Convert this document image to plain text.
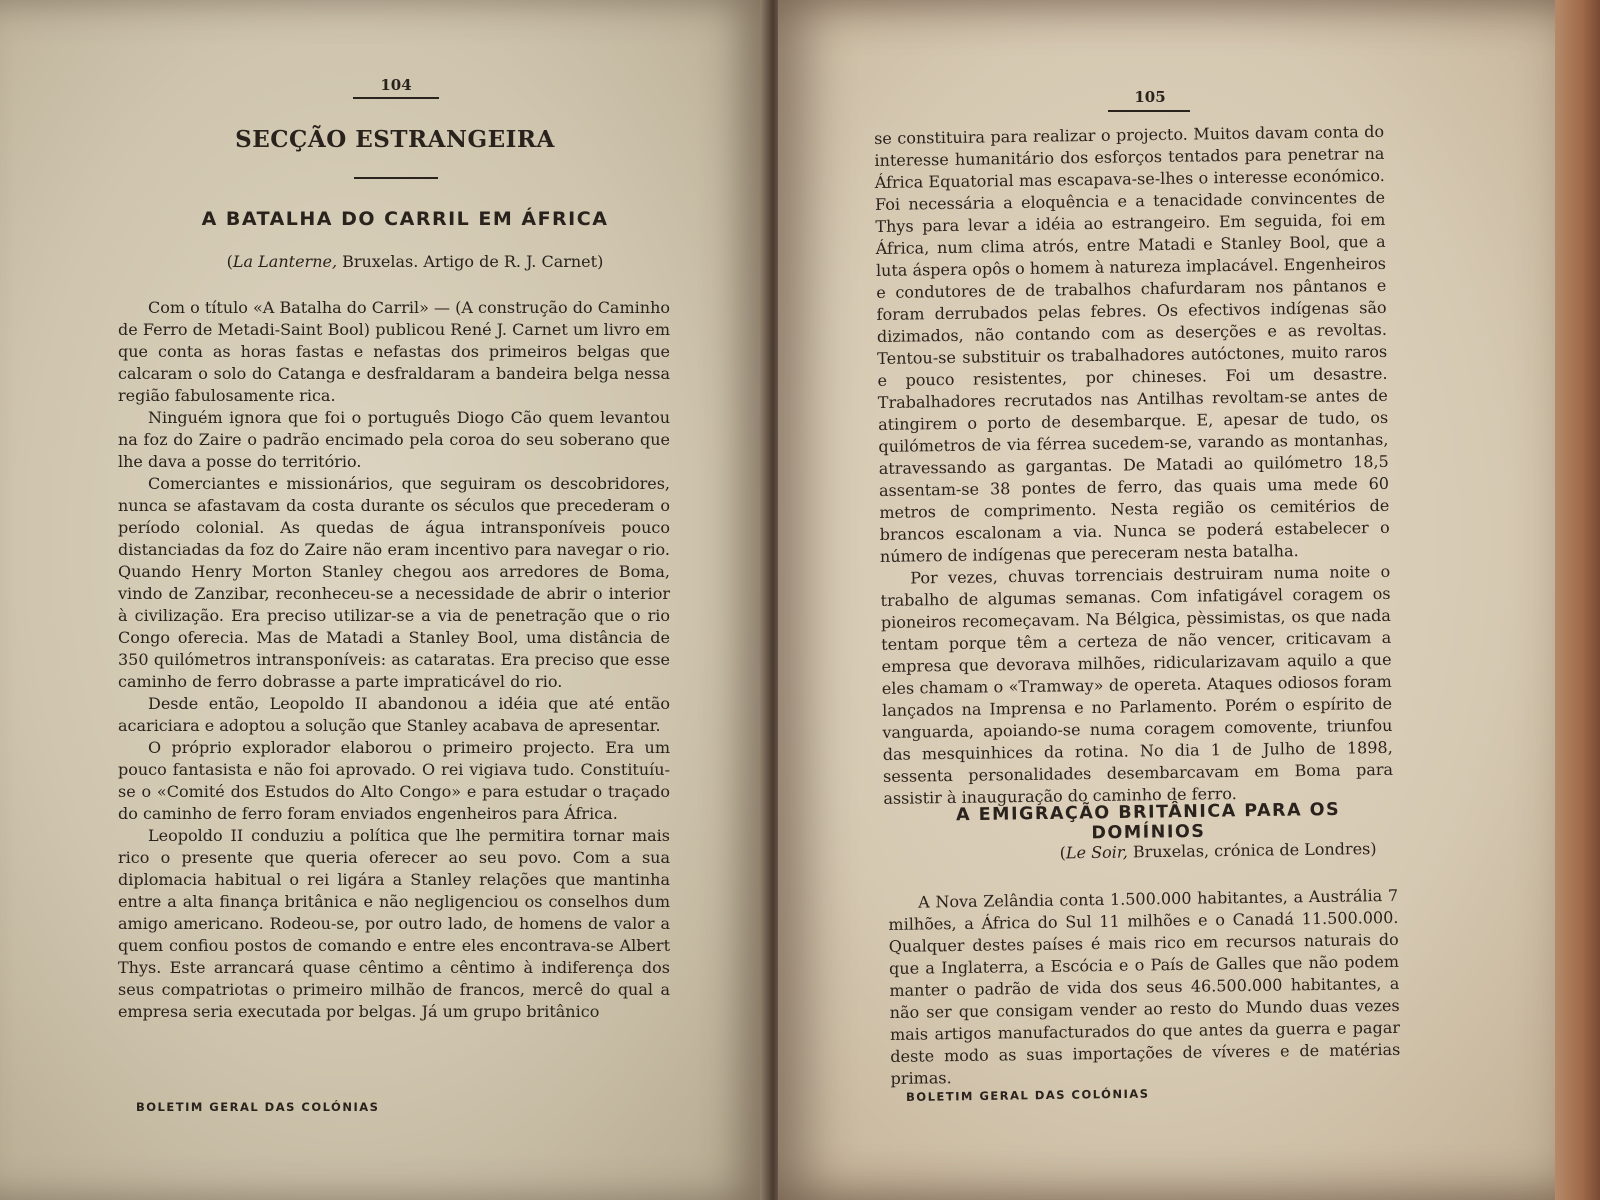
104
SECÇÃO ESTRANGEIRA
A BATALHA DO CARRIL EM ÁFRICA
(La Lanterne, Bruxelas. Artigo de R. J. Carnet)

Com o título «A Batalha do Carril» — (A construção do Caminho de Ferro de Metadi-Saint Bool) publicou René J. Carnet um livro em que conta as horas fastas e nefastas dos primeiros belgas que calcaram o solo do Catanga e desfraldaram a bandeira belga nessa região fabulosamente rica.

Ninguém ignora que foi o português Diogo Cão quem levantou na foz do Zaire o padrão encimado pela coroa do seu soberano que lhe dava a posse do território.

Comerciantes e missionários, que seguiram os descobridores, nunca se afastavam da costa durante os séculos que precederam o período colonial. As quedas de água intransponíveis pouco distanciadas da foz do Zaire não eram incentivo para navegar o rio. Quando Henry Morton Stanley chegou aos arredores de Boma, vindo de Zanzibar, reconheceu-se a necessidade de abrir o interior à civilização. Era preciso utilizar-se a via de penetração que o rio Congo oferecia. Mas de Matadi a Stanley Bool, uma distância de 350 quilómetros intransponíveis: as cataratas. Era preciso que esse caminho de ferro dobrasse a parte impraticável do rio.

Desde então, Leopoldo II abandonou a idéia que até então acariciara e adoptou a solução que Stanley acabava de apresentar.

O próprio explorador elaborou o primeiro projecto. Era um pouco fantasista e não foi aprovado. O rei vigiava tudo. Constituíu-se o «Comité dos Estudos do Alto Congo» e para estudar o traçado do caminho de ferro foram enviados engenheiros para África.

Leopoldo II conduziu a política que lhe permitira tornar mais rico o presente que queria oferecer ao seu povo. Com a sua diplomacia habitual o rei ligára a Stanley relações que mantinha entre a alta finança britânica e não negligenciou os conselhos dum amigo americano. Rodeou-se, por outro lado, de homens de valor a quem confiou postos de comando e entre eles encontrava-se Albert Thys. Este arrancará quase cêntimo a cêntimo à indiferença dos seus compatriotas o primeiro milhão de francos, mercê do qual a empresa seria executada por belgas. Já um grupo britânico

BOLETIM GERAL DAS COLÓNIAS
105

se constituira para realizar o projecto. Muitos davam conta do interesse humanitário dos esforços tentados para penetrar na África Equatorial mas escapava-se-lhes o interesse económico. Foi necessária a eloquência e a tenacidade convincentes de Thys para levar a idéia ao estrangeiro. Em seguida, foi em África, num clima atrós, entre Matadi e Stanley Bool, que a luta áspera opôs o homem à natureza implacável. Engenheiros e condutores de de trabalhos chafurdaram nos pântanos e foram derrubados pelas febres. Os efectivos indígenas são dizimados, não contando com as deserções e as revoltas. Tentou-se substituir os trabalhadores autóctones, muito raros e pouco resistentes, por chineses. Foi um desastre. Trabalhadores recrutados nas Antilhas revoltam-se antes de atingirem o porto de desembarque. E, apesar de tudo, os quilómetros de via férrea sucedem-se, varando as montanhas, atravessando as gargantas. De Matadi ao quilómetro 18,5 assentam-se 38 pontes de ferro, das quais uma mede 60 metros de comprimento. Nesta região os cemitérios de brancos escalonam a via. Nunca se poderá estabelecer o número de indígenas que pereceram nesta batalha.

Por vezes, chuvas torrenciais destruiram numa noite o trabalho de algumas semanas. Com infatigável coragem os pioneiros recomeçavam. Na Bélgica, pèssimistas, os que nada tentam porque têm a certeza de não vencer, criticavam a empresa que devorava milhões, ridicularizavam aquilo a que eles chamam o «Tramway» de opereta. Ataques odiosos foram lançados na Imprensa e no Parlamento. Porém o espírito de vanguarda, apoiando-se numa coragem comovente, triunfou das mesquinhices da rotina. No dia 1 de Julho de 1898, sessenta personalidades desembarcavam em Boma para assistir à inauguração do caminho de ferro.

A EMIGRAÇÃO BRITÂNICA PARA OS DOMÍNIOS
(Le Soir, Bruxelas, crónica de Londres)

A Nova Zelândia conta 1.500.000 habitantes, a Austrália 7 milhões, a África do Sul 11 milhões e o Canadá 11.500.000. Qualquer destes países é mais rico em recursos naturais do que a Inglaterra, a Escócia e o País de Galles que não podem manter o padrão de vida dos seus 46.500.000 habitantes, a não ser que consigam vender ao resto do Mundo duas vezes mais artigos manufacturados do que antes da guerra e pagar deste modo as suas importações de víveres e de matérias primas.

BOLETIM GERAL DAS COLÓNIAS
